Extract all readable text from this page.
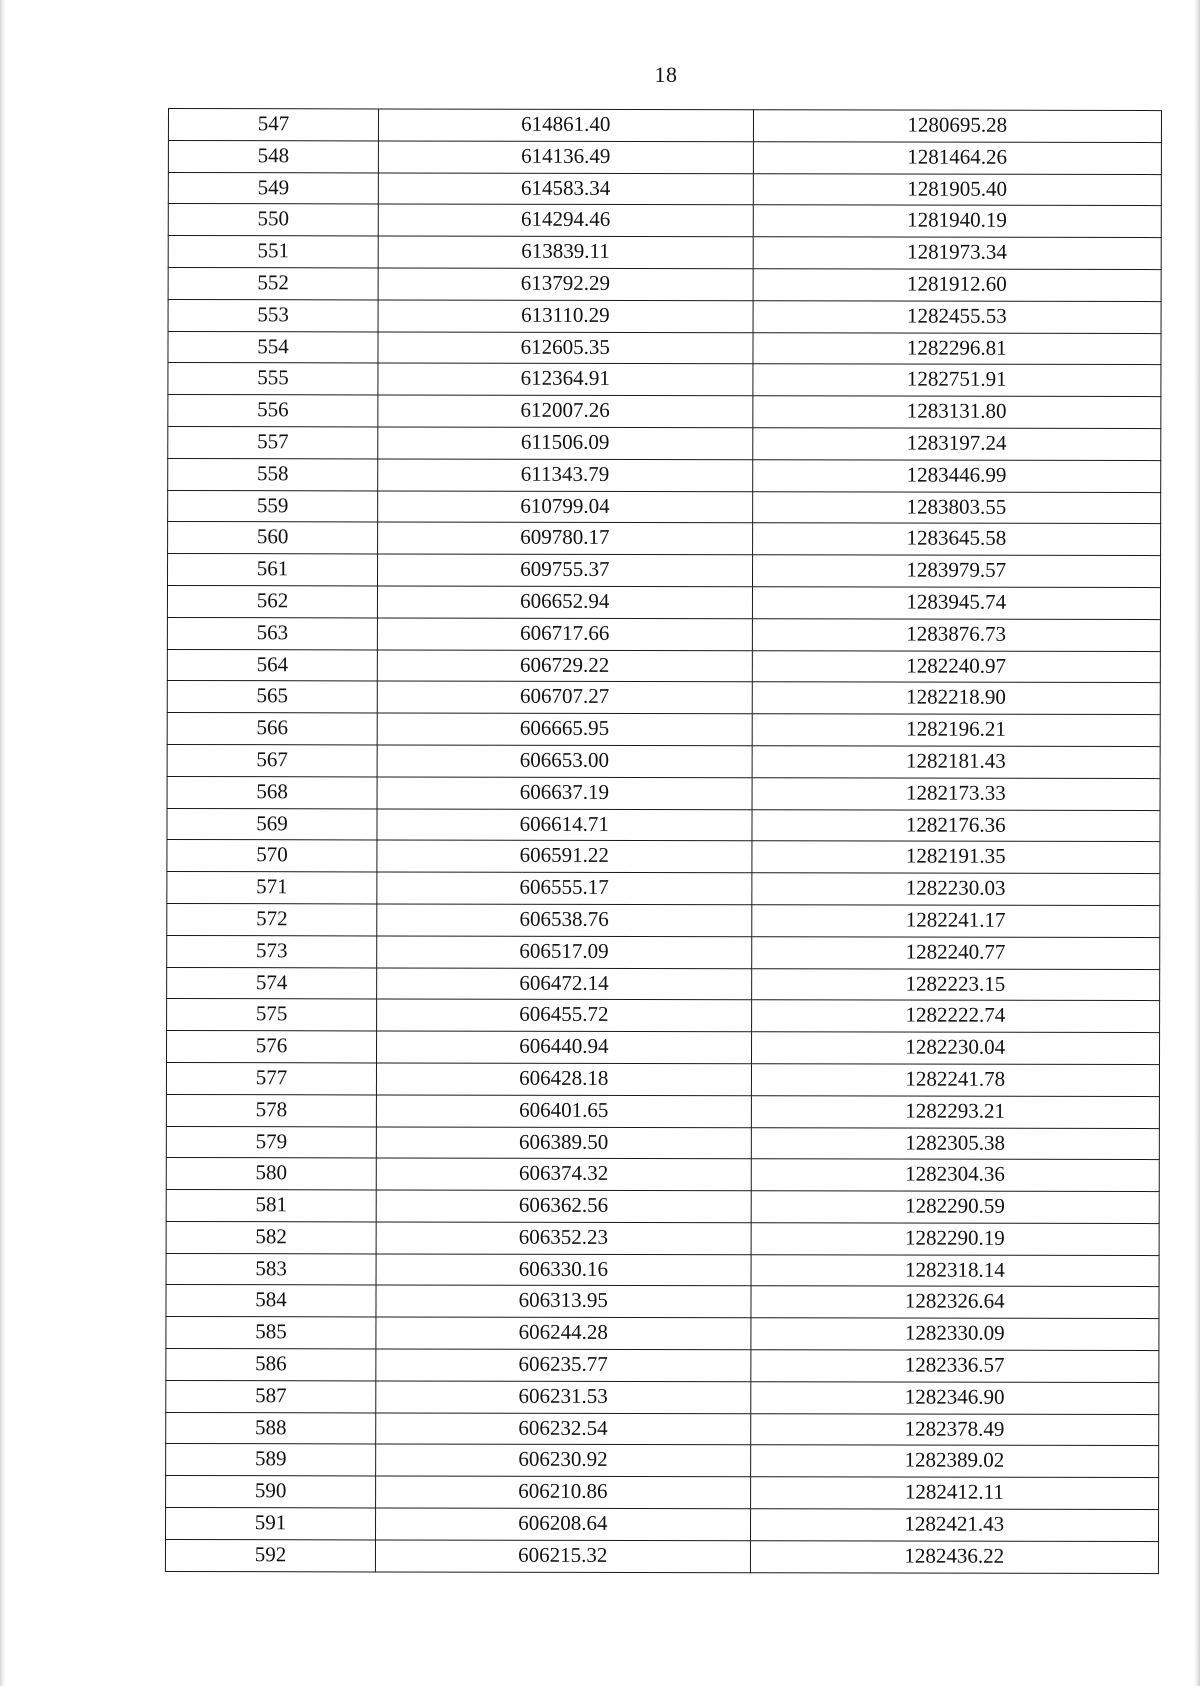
18
547	614861.40	1280695.28
548	614136.49	1281464.26
549	614583.34	1281905.40
550	614294.46	1281940.19
551	613839.11	1281973.34
552	613792.29	1281912.60
553	613110.29	1282455.53
554	612605.35	1282296.81
555	612364.91	1282751.91
556	612007.26	1283131.80
557	611506.09	1283197.24
558	611343.79	1283446.99
559	610799.04	1283803.55
560	609780.17	1283645.58
561	609755.37	1283979.57
562	606652.94	1283945.74
563	606717.66	1283876.73
564	606729.22	1282240.97
565	606707.27	1282218.90
566	606665.95	1282196.21
567	606653.00	1282181.43
568	606637.19	1282173.33
569	606614.71	1282176.36
570	606591.22	1282191.35
571	606555.17	1282230.03
572	606538.76	1282241.17
573	606517.09	1282240.77
574	606472.14	1282223.15
575	606455.72	1282222.74
576	606440.94	1282230.04
577	606428.18	1282241.78
578	606401.65	1282293.21
579	606389.50	1282305.38
580	606374.32	1282304.36
581	606362.56	1282290.59
582	606352.23	1282290.19
583	606330.16	1282318.14
584	606313.95	1282326.64
585	606244.28	1282330.09
586	606235.77	1282336.57
587	606231.53	1282346.90
588	606232.54	1282378.49
589	606230.92	1282389.02
590	606210.86	1282412.11
591	606208.64	1282421.43
592	606215.32	1282436.22
